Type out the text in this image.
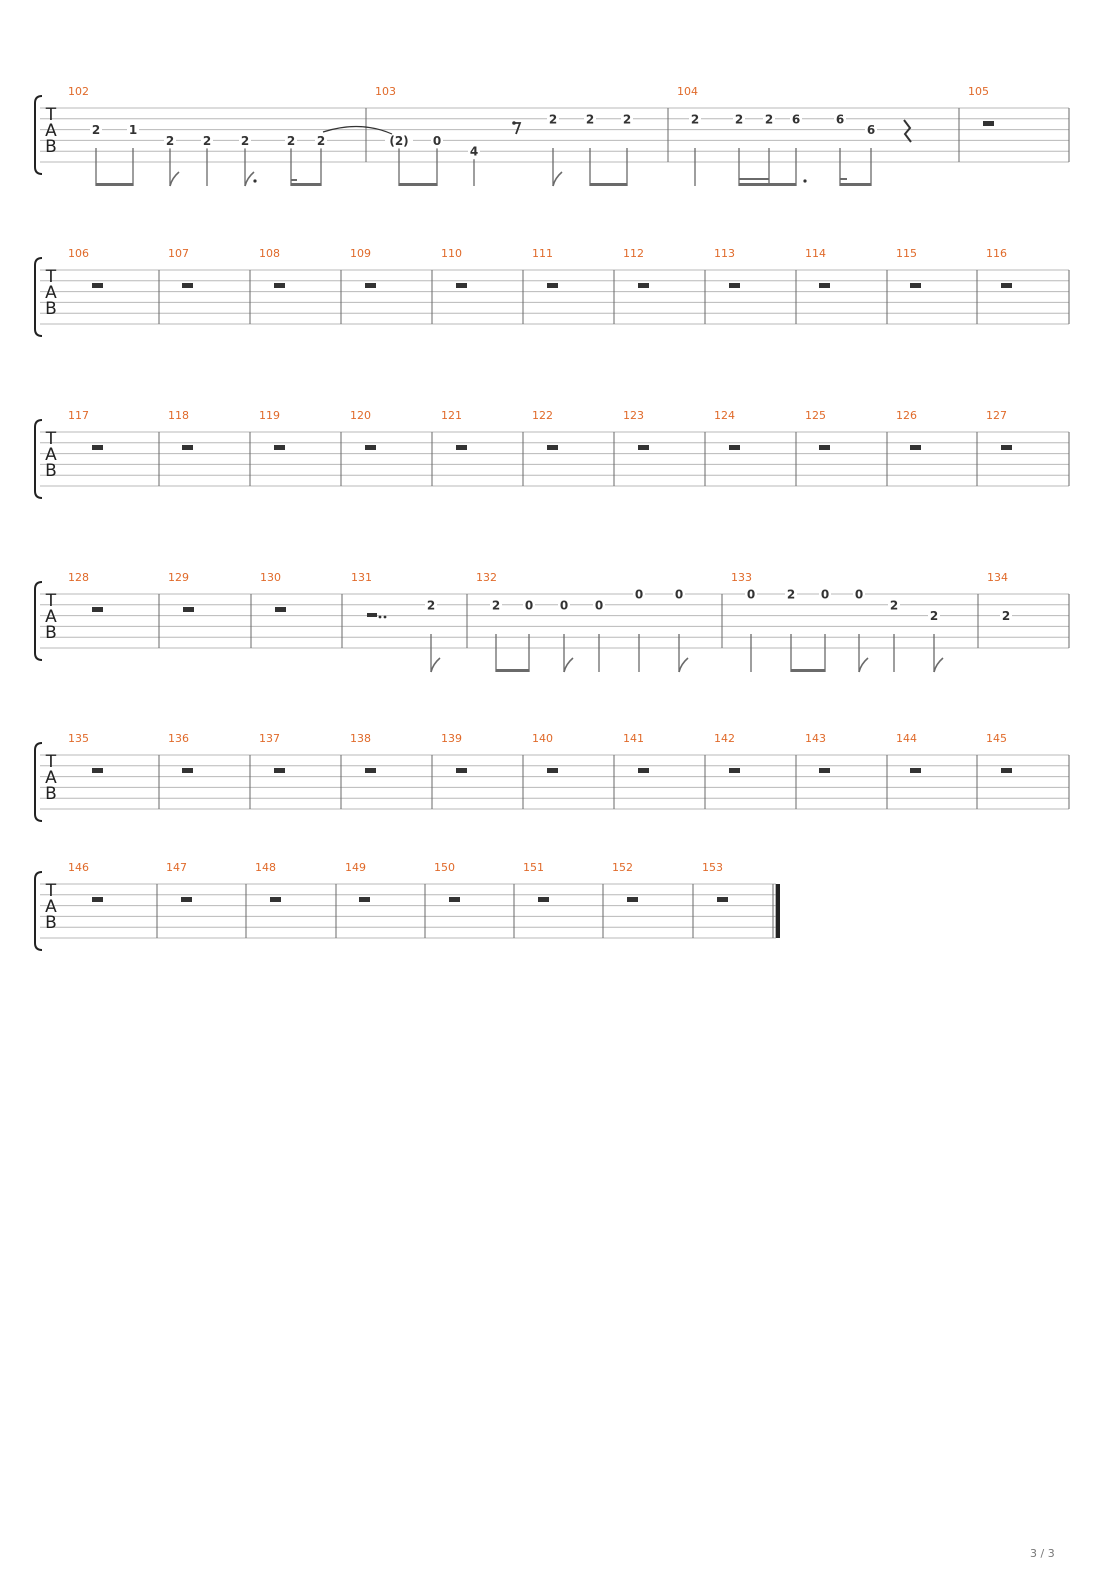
T
A
B
102	103	104	105
T
A
B
106	107	108	109	110	111	112	113	114	115	116
T
A
B
117	118	119	120	121	122	123	124	125	126	127
T
A
B
128	129	130	131	132	133	134
T
A
B
135	136	137	138	139	140	141	142	143	144	145
T
A
B
146	147	148	149	150	151	152	153
2 1
2 2 2	2 2	(2) 0
4
2 2 2	2	2 2 6	6
6
2	2 0 0 0
0	0	0	2 0 0
2
2	2
3 / 3
